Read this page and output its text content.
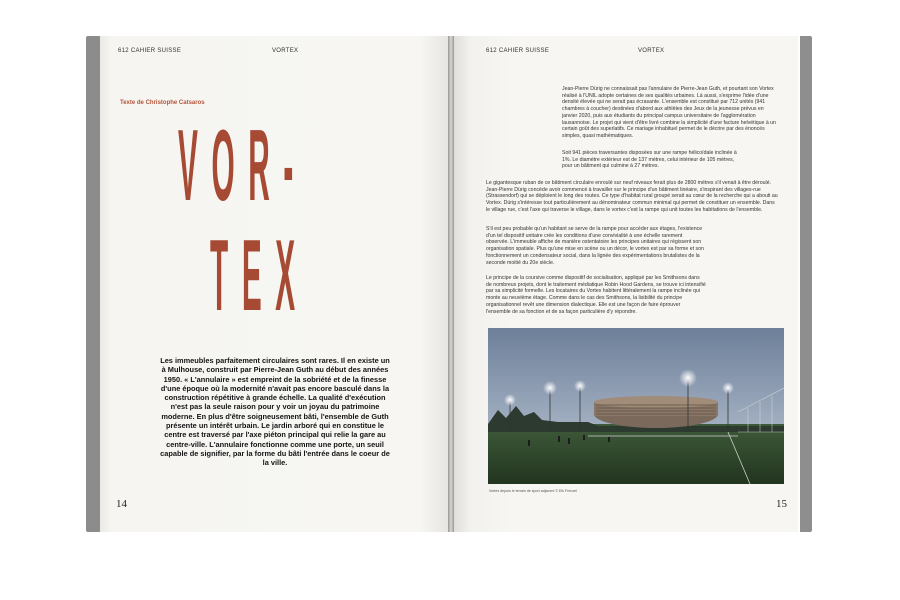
612 CAHIER SUISSE	VORTEX
Texte de Christophe Catsaros
VOR-
TEX
Les immeubles parfaitement circulaires sont rares. Il en existe un à Mulhouse, construit par Pierre-Jean Guth au début des années 1950. « L'annulaire » est empreint de la sobriété et de la finesse d'une époque où la modernité n'avait pas encore basculé dans la construction répétitive à grande échelle. La qualité d'exécution n'est pas la seule raison pour y voir un joyau du patrimoine moderne. En plus d'être soigneusement bâti, l'ensemble de Guth présente un intérêt urbain. Le jardin arboré qui en constitue le centre est traversé par l'axe piéton principal qui relie la gare au centre-ville. L'annulaire fonctionne comme une porte, un seuil capable de signifier, par la forme du bâti l'entrée dans le coeur de la ville.
14
612 CAHIER SUISSE	VORTEX
Jean-Pierre Dürig ne connaissait pas l'annulaire de Pierre-Jean Guth, et pourtant son Vortex réalisé à l'UNIL adopte certaines de ses qualités urbaines. Là aussi, s'exprime l'idée d'une densité élevée qui ne serait pas écrasante. L'ensemble est constitué par 712 unités (941 chambres à coucher) destinées d'abord aux athlètes des Jeux de la jeunesse prévus en janvier 2020, puis aux étudiants du principal campus universitaire de l'agglomération lausannoise. Le projet qui vient d'être livré combine la simplicité d'une facture helvétique à un certain goût des superlatifs. Ce mariage inhabituel permet de le décrire par des énoncés simples, quasi mathématiques.
Soit 941 pièces traversantes disposées sur une rampe hélicoïdale inclinée à 1%. Le diamètre extérieur est de 137 mètres, celui intérieur de 105 mètres, pour un bâtiment qui culmine à 27 mètres.
Le gigantesque ruban de ce bâtiment circulaire enroulé sur neuf niveaux ferait plus de 2800 mètres s'il venait à être déroulé. Jean-Pierre Dürig concède avoir commencé à travailler sur le principe d'un bâtiment linéaire, s'inspirant des villages-rue (Strassendorf) qui se déploient le long des routes. Ce type d'habitat rural groupé serait au cœur de la recherche qui a abouti au Vortex. Dürig s'intéresse tout particulièrement au dénominateur commun minimal qui permet de constituer un ensemble. Dans le village rue, c'est l'axe qui traverse le village, dans le vortex c'est la rampe qui unit toutes les habitations de l'ensemble.
S'il est peu probable qu'un habitant se serve de la rampe pour accéder aux étages, l'existence d'un tel dispositif unitaire crée les conditions d'une convivialité à une échelle rarement observée. L'immeuble affiche de manière ostentatoire les principes unitaires qui régissent son organisation spatiale. Plus qu'une mise en scène ou un décor, le vortex est par sa forme et son fonctionnement un condensateur social, dans la lignée des expérimentations brutalistes de la seconde moitié du 20e siècle.
Le principe de la coursive comme dispositif de socialisation, appliqué par les Smithsons dans de nombreux projets, dont le traitement médiatique Robin Hood Gardens, se trouve ici intensifié par sa simplicité formelle. Les locataires du Vortex habitent littéralement la rampe inclinée qui monte au neuvième étage. Comme dans le cas des Smithsons, la lisibilité du principe organisationnel revêt une dimension dialectique. Elle est une façon de faire éprouver l'ensemble de sa fonction et de sa façon particulière d'y répondre.
Vortex depuis le terrain de sport adjacent © Eik Frenzel
15
